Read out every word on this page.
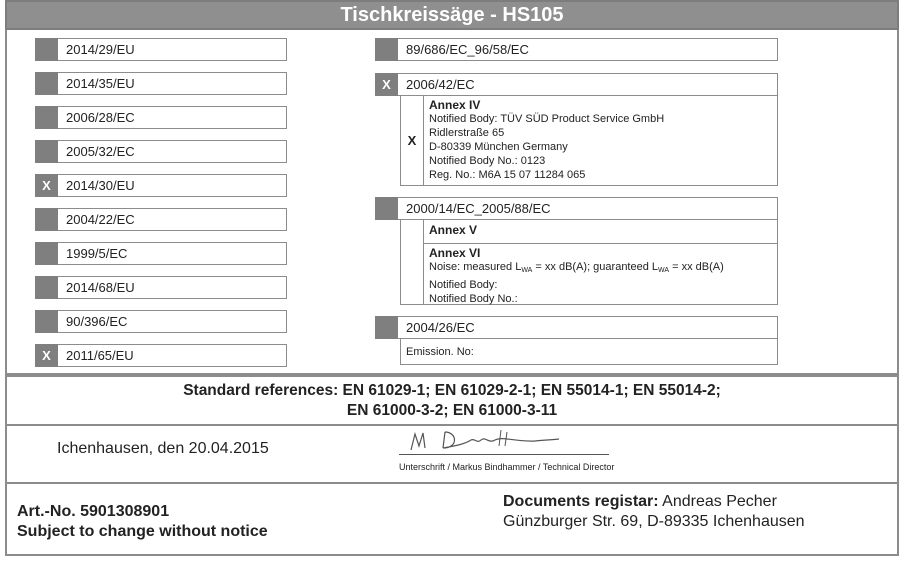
Tischkreissäge - HS105
2014/29/EU
2014/35/EU
2006/28/EC
2005/32/EC
X	2014/30/EU
2004/22/EC
1999/5/EC
2014/68/EU
90/396/EC
X	2011/65/EU
89/686/EC_96/58/EC
X	2006/42/EC
X
Annex IV
Notified Body: TÜV SÜD Product Service GmbH
Ridlerstraße 65
D-80339 München Germany
Notified Body No.: 0123
Reg. No.: M6A 15 07 11284 065
2000/14/EC_2005/88/EC
Annex V
Annex VI
Noise: measured $L_{WA}$ = xx dB(A); guaranteed $L_{WA}$ = xx dB(A)
Notified Body:
Notified Body No.:
2004/26/EC
Emission. No:
Standard references: EN 61029-1; EN 61029-2-1; EN 55014-1; EN 55014-2;
EN 61000-3-2; EN 61000-3-11
Ichenhausen, den 20.04.2015
Unterschrift / Markus Bindhammer / Technical Director
Art.-No. 5901308901
Subject to change without notice
Documents registar: Andreas Pecher
Günzburger Str. 69, D-89335 Ichenhausen
